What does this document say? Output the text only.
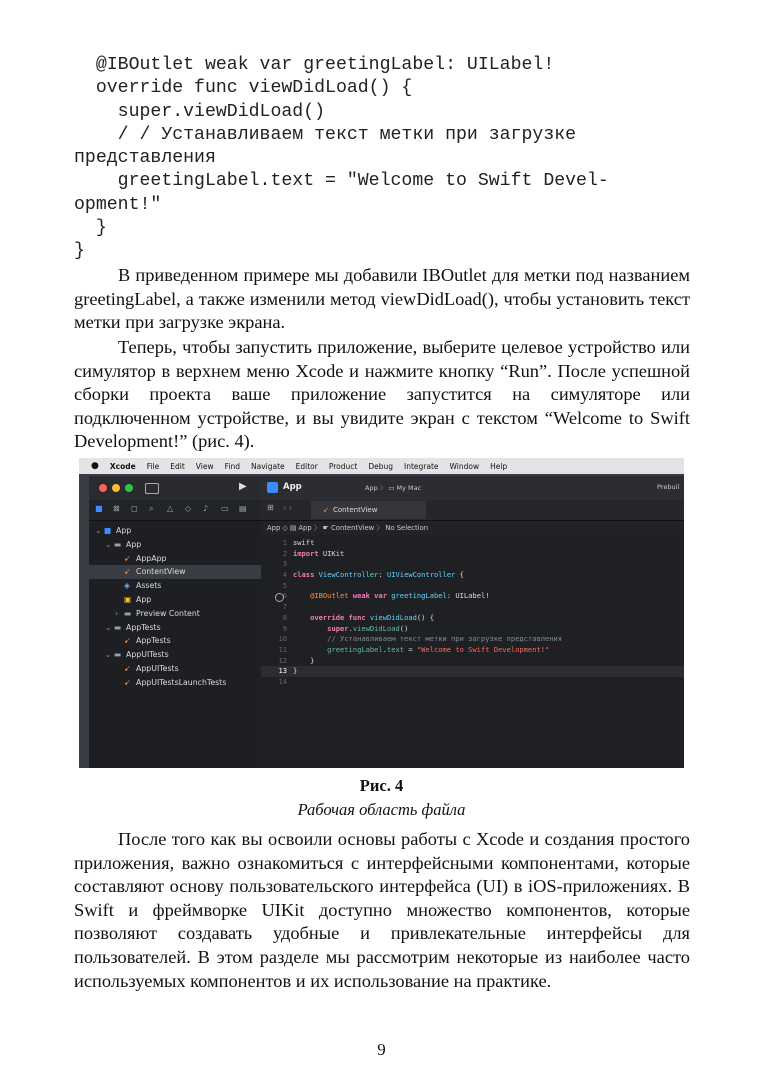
@IBOutlet weak var greetingLabel: UILabel!
override func viewDidLoad() {
super.viewDidLoad()
/ / Устанавливаем текст метки при загрузке
представления
greetingLabel.text = "Welcome to Swift Devel-
opment!"
}
}

В приведенном примере мы добавили IBOutlet для метки под названием greetingLabel, а также изменили метод viewDidLoad(), чтобы установить текст метки при загрузке экрана.

Теперь, чтобы запустить приложение, выберите целевое устройство или симулятор в верхнем меню Xcode и нажмите кнопку “Run”. После успешной сборки проекта ваше приложение запустится на симуляторе или подключенном устройстве, и вы увидите экран с текстом “Welcome to Swift Development!” (рис. 4).

● Xcode File Edit View Find Navigate Editor Product Debug Integrate Window Help
▶
■ ⊠ ◻ ⌕ △ ◇ ♪ ▭ ▤
⌄ ■ App
⌄ ▬ App
➹ AppApp
➹ ContentView
◈ Assets
▣ App
› ▬ Preview Content
⌄ ▬ AppTests
➹ AppTests
⌄ ▬ AppUITests
➹ AppUITests
➹ AppUITestsLaunchTests
App	App 〉 ▭ My Mac	Prebuil
⊞ ‹ ›	➹ ContentView
App ◇ ▤ App 〉 ☛ ContentView 〉 No Selection
1 swift
2 import UIKit
3
4 class ViewController: UIViewController {
5
6	@IBOutlet weak var greetingLabel: UILabel!
7
8	override func viewDidLoad() {
9	super.viewDidLoad()
10	// Устанавливаем текст метки при загрузке представления
11	greetingLabel.text = "Welcome to Swift Development!"
12 }
13 }
14
Рис. 4
Рабочая область файла

После того как вы освоили основы работы с Xcode и создания простого приложения, важно ознакомиться с интерфейсными компонентами, которые составляют основу пользовательского интерфейса (UI) в iOS-приложениях. В Swift и фреймворке UIKit доступно множество компонентов, которые позволяют создавать удобные и привлекательные интерфейсы для пользователей. В этом разделе мы рассмотрим некоторые из наиболее часто используемых компонентов и их использование на практике.

9
